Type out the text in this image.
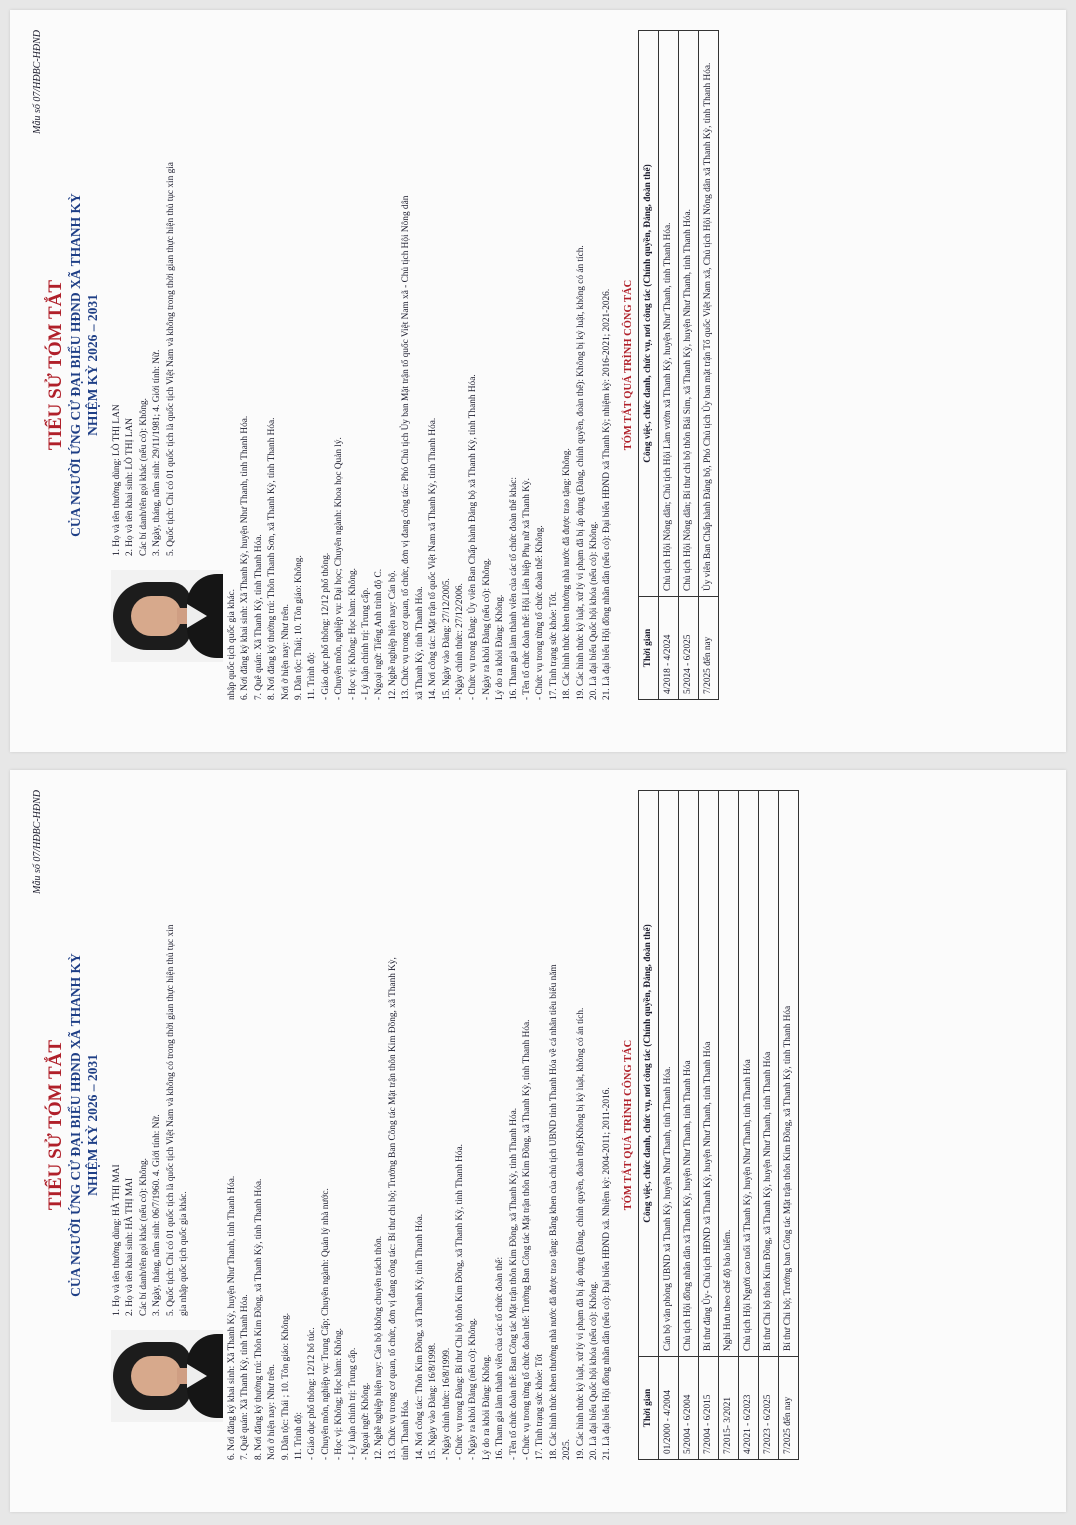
Mẫu số 07/HĐBC-HĐND
TIỂU SỬ TÓM TẮT CỦA NGƯỜI ỨNG CỬ ĐẠI BIỂU HĐND XÃ THANH KỲ NHIỆM KỲ 2026 – 2031

1. Họ và tên thường dùng: LÒ THỊ LAN 2. Họ và tên khai sinh: LÒ THỊ LAN Các bí danh/tên gọi khác (nếu có): Không. 3. Ngày, tháng, năm sinh: 29/11/1981; 4. Giới tính: Nữ. 5. Quốc tịch: Chỉ có 01 quốc tịch là quốc tịch Việt Nam và không trong thời gian thực hiện thủ tục xin gia

nhập quốc tịch quốc gia khác. 6. Nơi đăng ký khai sinh: Xã Thanh Kỳ, huyện Như Thanh, tỉnh Thanh Hóa. 7. Quê quán: Xã Thanh Kỳ, tỉnh Thanh Hóa. 8. Nơi đăng ký thường trú: Thôn Thanh Sơn, xã Thanh Kỳ, tỉnh Thanh Hóa. Nơi ở hiện nay: Như trên. 9. Dân tộc: Thái; 10. Tôn giáo: Không. 11. Trình độ: - Giáo dục phổ thông: 12/12 phổ thông. - Chuyên môn, nghiệp vụ: Đại học; Chuyên ngành: Khoa học Quản lý. - Học vị: Không; Học hàm: Không. - Lý luận chính trị: Trung cấp. - Ngoại ngữ: Tiếng Anh trình độ C. 12. Nghề nghiệp hiện nay: Cán bộ. 13. Chức vụ trong cơ quan, tổ chức, đơn vị đang công tác: Phó Chủ tịch Ủy ban Mặt trận tổ quốc Việt Nam xã - Chủ tịch Hội Nông dân xã Thanh Kỳ, tỉnh Thanh Hóa. 14. Nơi công tác: Mặt trận tổ quốc Việt Nam xã Thanh Kỳ, tỉnh Thanh Hóa. 15. Ngày vào Đảng: 27/12/2005. - Ngày chính thức: 27/12/2006. - Chức vụ trong Đảng: Ủy viên Ban Chấp hành Đảng bộ xã Thanh Kỳ, tỉnh Thanh Hóa. - Ngày ra khỏi Đảng (nếu có): Không. Lý do ra khỏi Đảng: Không. 16. Tham gia làm thành viên của các tổ chức đoàn thể khác: - Tên tổ chức đoàn thể: Hội Liên hiệp Phụ nữ xã Thanh Kỳ. - Chức vụ trong từng tổ chức đoàn thể: Không. 17. Tình trạng sức khỏe: Tốt. 18. Các hình thức khen thưởng nhà nước đã được trao tặng: Không. 19. Các hình thức kỷ luật, xử lý vi phạm đã bị áp dụng (Đảng, chính quyền, đoàn thể): Không bị kỷ luật, không có án tích. 20. Là đại biểu Quốc hội khóa (nếu có): Không. 21. Là đại biểu Hội đồng nhân dân (nếu có): Đại biểu HĐND xã Thanh Kỳ; nhiệm kỳ: 2016-2021; 2021-2026. TÓM TẮT QUÁ TRÌNH CÔNG TÁC
Thời gian	Công việc, chức danh, chức vụ, nơi công tác (Chính quyền, Đảng, đoàn thể)
4/2018 - 4/2024	Chủ tịch Hội Nông dân; Chủ tịch Hội Làm vườn xã Thanh Kỳ, huyện Như Thanh, tỉnh Thanh Hóa.
5/2024 - 6/2025	Chủ tịch Hội Nông dân; Bí thư chi bộ thôn Bái Sim, xã Thanh Kỳ, huyện Như Thanh, tỉnh Thanh Hóa.
7/2025 đến nay	Ủy viên Ban Chấp hành Đảng bộ, Phó Chủ tịch Ủy ban mặt trận Tổ quốc Việt Nam xã, Chủ tịch Hội Nông dân xã Thanh Kỳ, tỉnh Thanh Hóa.
Mẫu số 07/HĐBC-HĐND
TIỂU SỬ TÓM TẮT CỦA NGƯỜI ỨNG CỬ ĐẠI BIỂU HĐND XÃ THANH KỲ NHIỆM KỲ 2026 – 2031

1. Họ và tên thường dùng: HÀ THỊ MAI 2. Họ và tên khai sinh: HÀ THỊ MAI Các bí danh/tên gọi khác (nếu có): Không. 3. Ngày, tháng, năm sinh: 06/7/1960. 4. Giới tính: Nữ. 5. Quốc tịch: Chỉ có 01 quốc tịch là quốc tịch Việt Nam và không có trong thời gian thực hiện thủ tục xin gia nhập quốc tịch quốc gia khác.	6. Nơi đăng ký khai sinh: Xã Thanh Kỳ, huyện Như Thanh, tỉnh Thanh Hóa. 7. Quê quán: Xã Thanh Kỳ, tỉnh Thanh Hóa. 8. Nơi đăng ký thường trú: Thôn Kim Đồng, xã Thanh Kỳ, tỉnh Thanh Hóa. Nơi ở hiện nay: Như trên. 9. Dân tộc: Thái ; 10. Tôn giáo: Không. 11. Trình độ: - Giáo dục phổ thông: 12/12 bổ túc. - Chuyên môn, nghiệp vụ: Trung Cấp; Chuyên ngành: Quản lý nhà nước. - Học vị: Không; Học hàm: Không. - Lý luận chính trị: Trung cấp. - Ngoại ngữ: Không. 12. Nghề nghiệp hiện nay: Cán bộ không chuyên trách thôn. 13. Chức vụ trong cơ quan, tổ chức, đơn vị đang công tác: Bí thư chi bộ; Trưởng Ban Công tác Mặt trận thôn Kim Đồng, xã Thanh Kỳ, tỉnh Thanh Hóa. 14. Nơi công tác: Thôn Kim Đồng, xã Thanh Kỳ, tỉnh Thanh Hóa. 15. Ngày vào Đảng: 16/8/1998. - Ngày chính thức: 16/8/1999. - Chức vụ trong Đảng: Bí thư Chi bộ thôn Kim Đồng, xã Thanh Kỳ, tỉnh Thanh Hóa. - Ngày ra khỏi Đảng (nếu có): Không. Lý do ra khỏi Đảng: Không. 16. Tham gia làm thành viên của các tổ chức đoàn thể: - Tên tổ chức đoàn thể: Ban Công tác Mặt trận thôn Kim Đồng, xã Thanh Kỳ, tỉnh Thanh Hóa. - Chức vụ trong từng tổ chức đoàn thể: Trưởng Ban Công tác Mặt trận thôn Kim Đồng, xã Thanh Kỳ, tỉnh Thanh Hóa. 17. Tình trạng sức khỏe: Tốt 18. Các hình thức khen thưởng nhà nước đã được trao tặng: Bằng khen của chủ tịch UBND tỉnh Thanh Hóa về cá nhân tiêu biểu năm 2025. 19. Các hình thức kỷ luật, xử lý vi phạm đã bị áp dụng (Đảng, chính quyền, đoàn thể):Không bị kỷ luật, không có án tích. 20. Là đại biểu Quốc hội khóa (nếu có): Không. 21. Là đại biểu Hội đồng nhân dân (nếu có): Đại biểu HĐND xã. Nhiệm kỳ: 2004-2011; 2011-2016. TÓM TẮT QUÁ TRÌNH CÔNG TÁC
Thời gian	Công việc, chức danh, chức vụ, nơi công tác (Chính quyền, Đảng, đoàn thể)
01/2000 - 4/2004	Cán bộ văn phòng UBND xã Thanh Kỳ, huyện Như Thanh, tỉnh Thanh Hóa.
5/2004 - 6/2004	Chủ tịch Hội đồng nhân dân xã Thanh Kỳ, huyện Như Thanh, tỉnh Thanh Hóa
7/2004 - 6/2015	Bí thư đảng Ủy- Chủ tịch HĐND xã Thanh Kỳ, huyện Như Thanh, tỉnh Thanh Hóa
7/2015- 3/2021	Nghỉ Hưu theo chế độ bảo hiểm.
4/2021 - 6/2023	Chủ tịch Hội Người cao tuổi xã Thanh Kỳ, huyện Như Thanh, tỉnh Thanh Hóa
7/2023 - 6/2025	Bí thư Chi bộ thôn Kim Đồng, xã Thanh Kỳ, huyện Như Thanh, tỉnh Thanh Hóa
7/2025 đến nay	Bí thư Chi bộ; Trưởng ban Công tác Mặt trận thôn Kim Đồng, xã Thanh Kỳ, tỉnh Thanh Hóa
